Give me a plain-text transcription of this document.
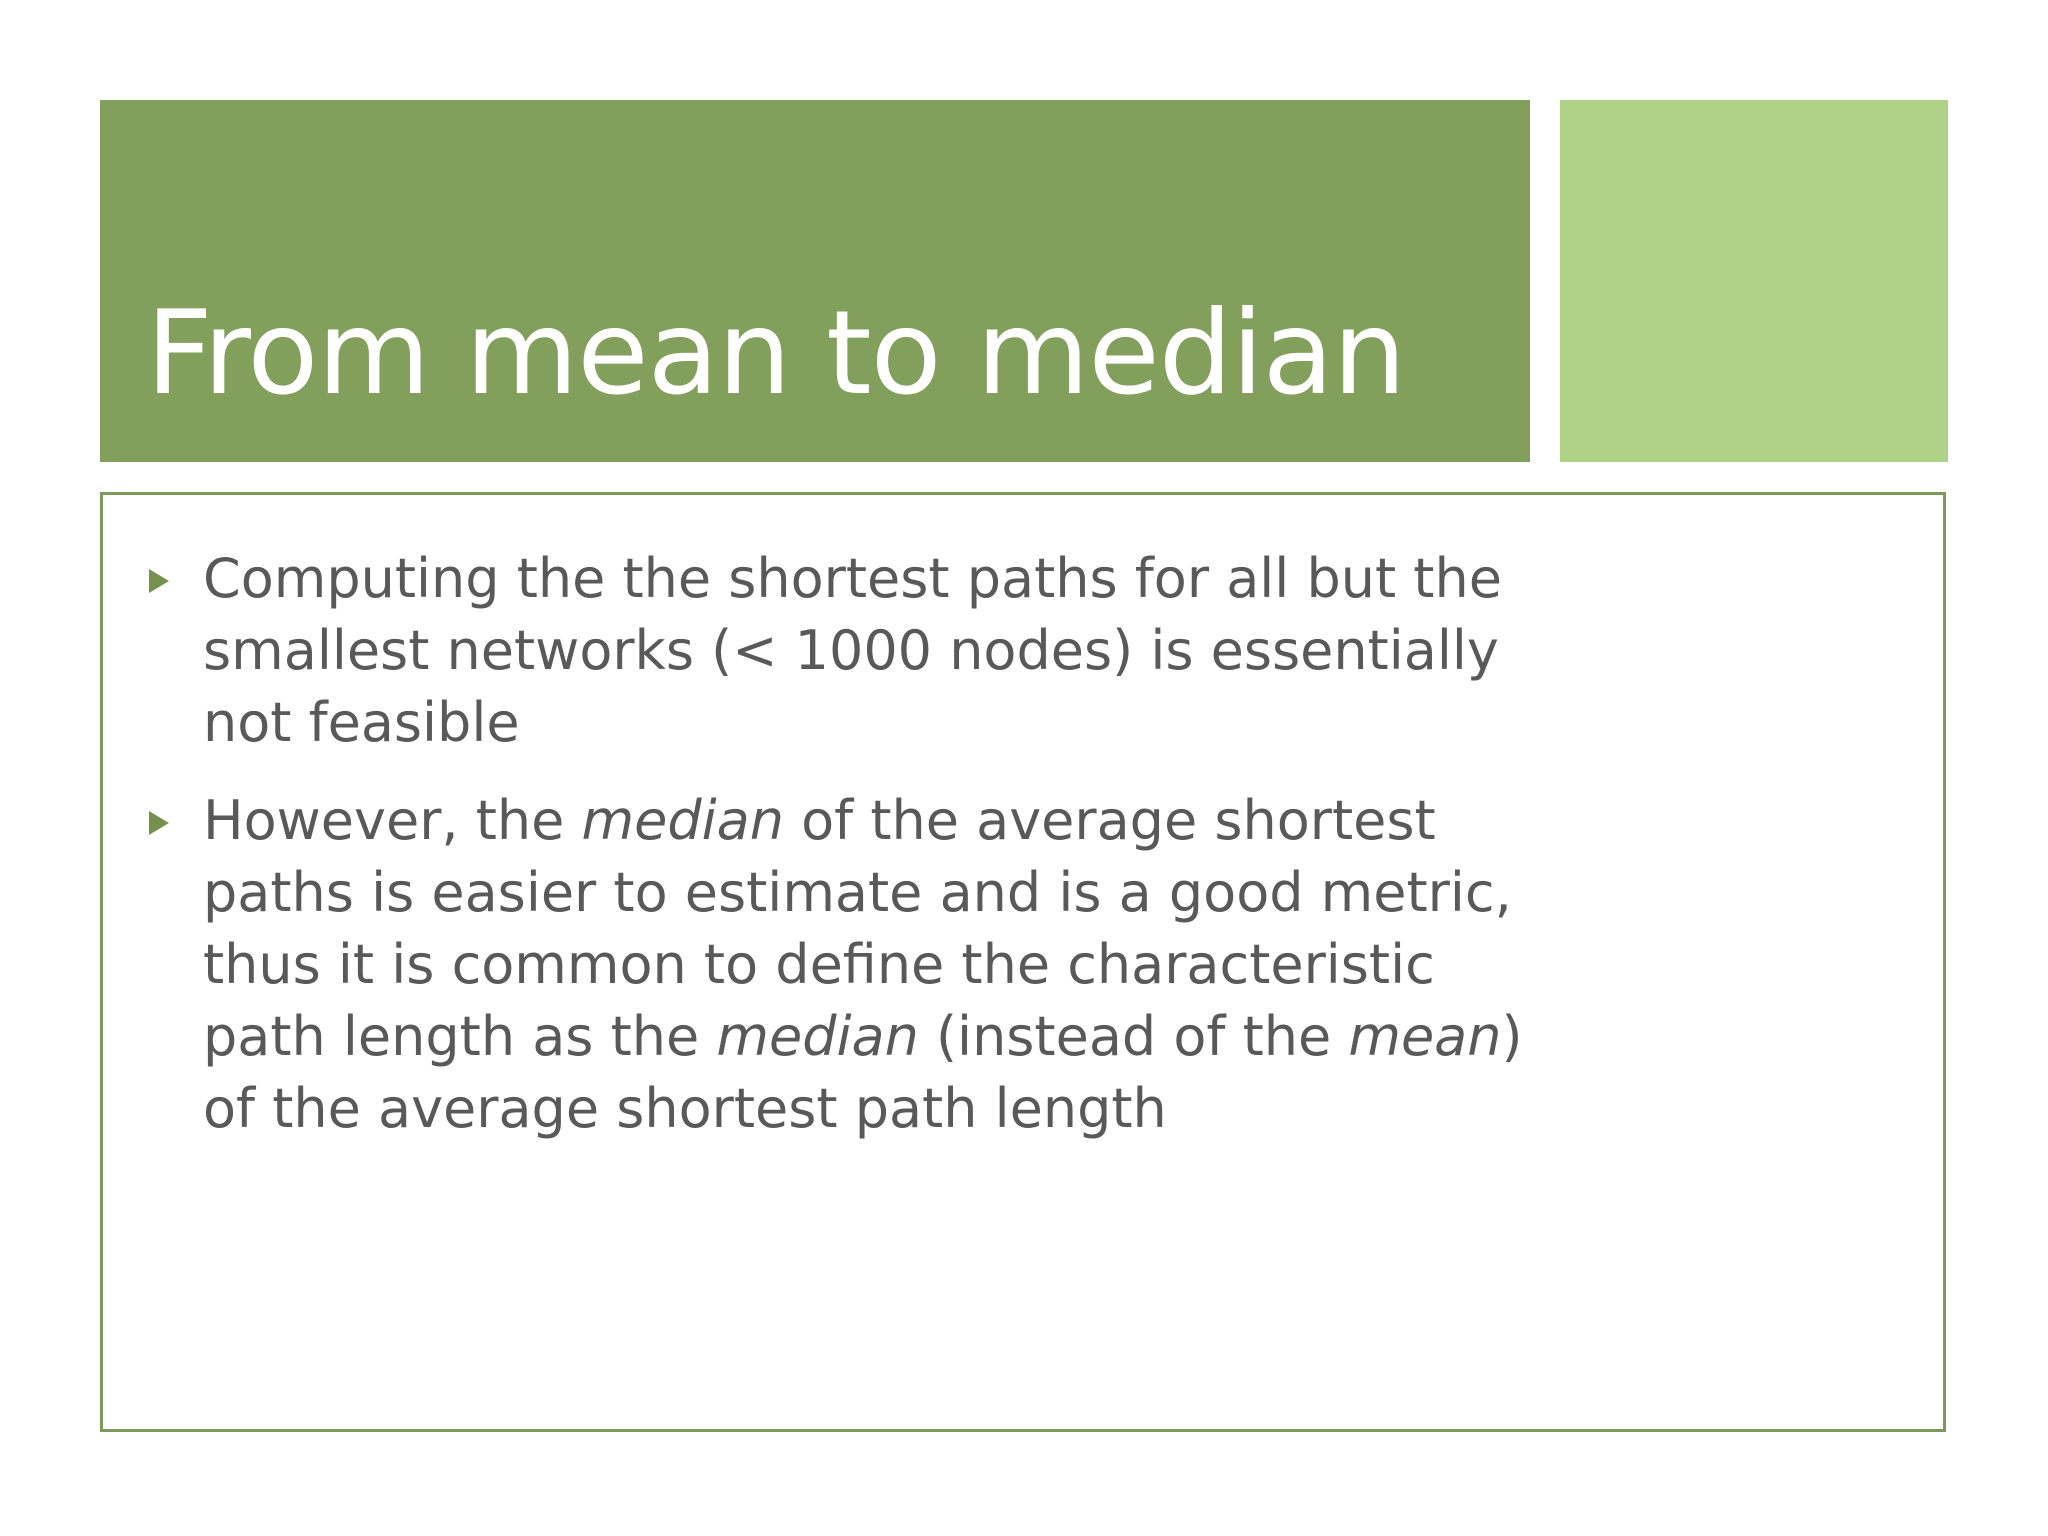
From mean to median
Computing the the shortest paths for all but the smallest networks (< 1000 nodes) is essentially not feasible
However, the median of the average shortest paths is easier to estimate and is a good metric, thus it is common to define the characteristic path length as the median (instead of the mean) of the average shortest path length
